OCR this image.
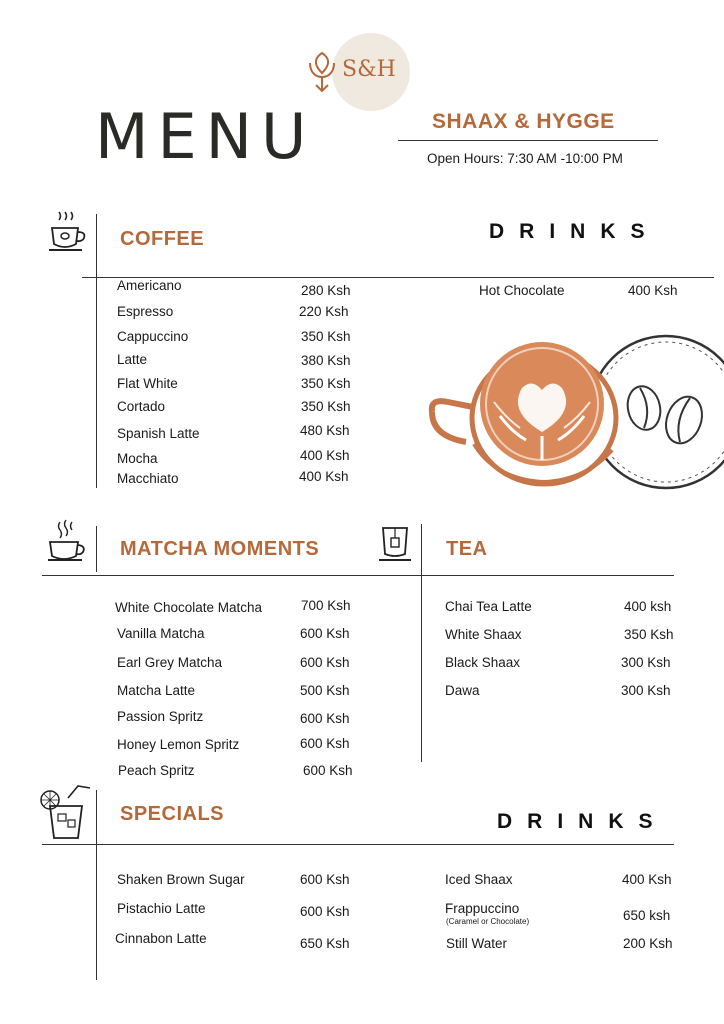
S&H
MENU	SHAAX & HYGGE
Open Hours: 7:30 AM -10:00 PM
COFFEE	DRINKS
Americano	280 Ksh
Espresso	220 Ksh
Cappuccino	350 Ksh
Latte	380 Ksh
Flat White	350 Ksh
Cortado	350 Ksh
Spanish Latte	480 Ksh
Mocha	400 Ksh
Macchiato	400 Ksh
Hot Chocolate	400 Ksh
MATCHA MOMENTS	TEA
White Chocolate Matcha	700 Ksh
Vanilla Matcha	600 Ksh
Earl Grey Matcha	600 Ksh
Matcha Latte	500 Ksh
Passion Spritz	600 Ksh
Honey Lemon Spritz	600 Ksh
Peach Spritz	600 Ksh
Chai Tea Latte	400 ksh
White Shaax	350 Ksh
Black Shaax	300 Ksh
Dawa	300 Ksh
SPECIALS	DRINKS
Shaken Brown Sugar	600 Ksh
Pistachio Latte	600 Ksh
Cinnabon Latte	650 Ksh
Iced Shaax	400 Ksh
Frappuccino
(Caramel or Chocolate)	650 ksh
Still Water	200 Ksh
